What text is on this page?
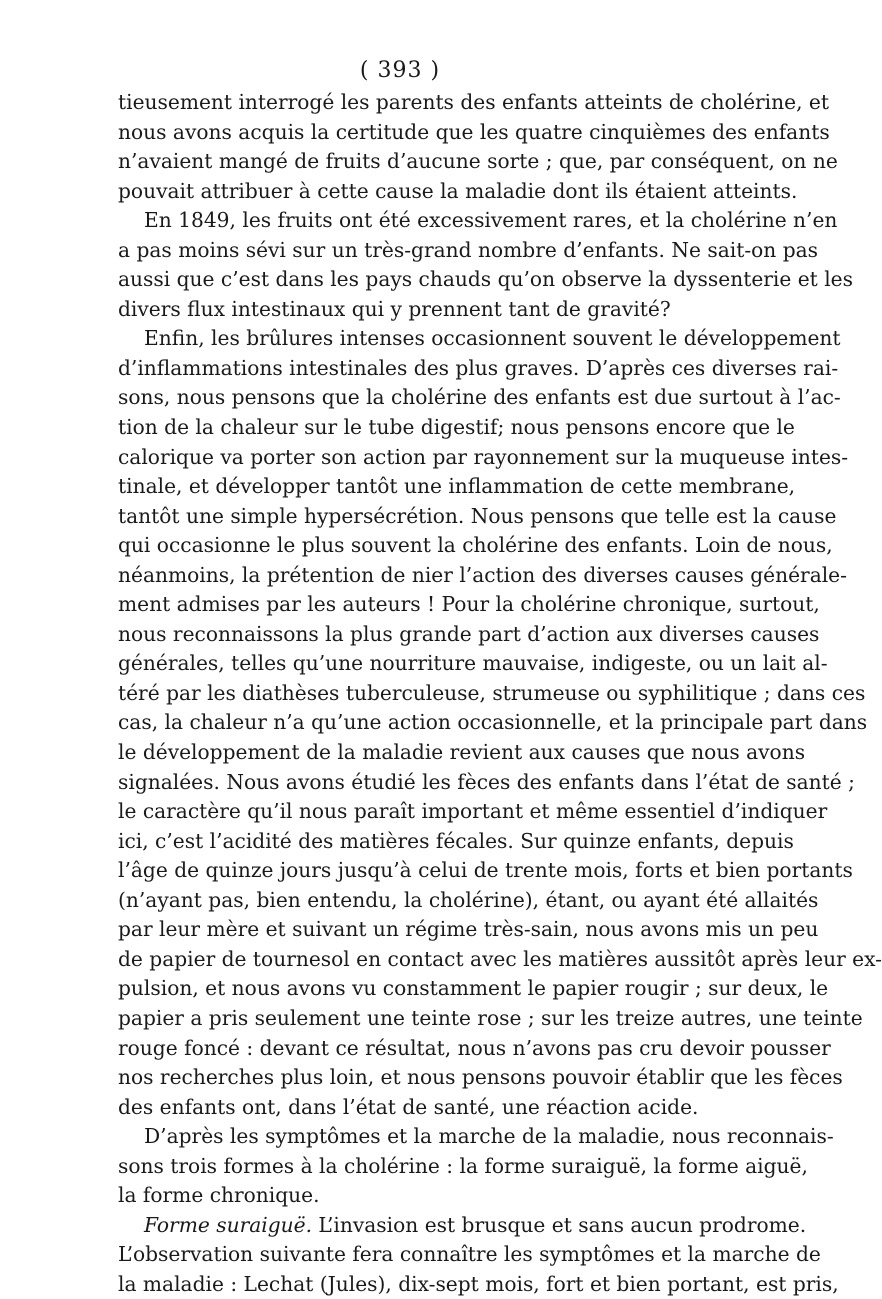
( 393 )
tieusement interrogé les parents des enfants atteints de cholérine, et
nous avons acquis la certitude que les quatre cinquièmes des enfants
n’avaient mangé de fruits d’aucune sorte ; que, par conséquent, on ne
pouvait attribuer à cette cause la maladie dont ils étaient atteints.
En 1849, les fruits ont été excessivement rares, et la cholérine n’en
a pas moins sévi sur un très-grand nombre d’enfants. Ne sait-on pas
aussi que c’est dans les pays chauds qu’on observe la dyssenterie et les
divers flux intestinaux qui y prennent tant de gravité?
Enfin, les brûlures intenses occasionnent souvent le développement
d’inflammations intestinales des plus graves. D’après ces diverses rai-
sons, nous pensons que la cholérine des enfants est due surtout à l’ac-
tion de la chaleur sur le tube digestif; nous pensons encore que le
calorique va porter son action par rayonnement sur la muqueuse intes-
tinale, et développer tantôt une inflammation de cette membrane,
tantôt une simple hypersécrétion. Nous pensons que telle est la cause
qui occasionne le plus souvent la cholérine des enfants. Loin de nous,
néanmoins, la prétention de nier l’action des diverses causes générale-
ment admises par les auteurs ! Pour la cholérine chronique, surtout,
nous reconnaissons la plus grande part d’action aux diverses causes
générales, telles qu’une nourriture mauvaise, indigeste, ou un lait al-
téré par les diathèses tuberculeuse, strumeuse ou syphilitique ; dans ces
cas, la chaleur n’a qu’une action occasionnelle, et la principale part dans
le développement de la maladie revient aux causes que nous avons
signalées. Nous avons étudié les fèces des enfants dans l’état de santé ;
le caractère qu’il nous paraît important et même essentiel d’indiquer
ici, c’est l’acidité des matières fécales. Sur quinze enfants, depuis
l’âge de quinze jours jusqu’à celui de trente mois, forts et bien portants
(n’ayant pas, bien entendu, la cholérine), étant, ou ayant été allaités
par leur mère et suivant un régime très-sain, nous avons mis un peu
de papier de tournesol en contact avec les matières aussitôt après leur ex-
pulsion, et nous avons vu constamment le papier rougir ; sur deux, le
papier a pris seulement une teinte rose ; sur les treize autres, une teinte
rouge foncé : devant ce résultat, nous n’avons pas cru devoir pousser
nos recherches plus loin, et nous pensons pouvoir établir que les fèces
des enfants ont, dans l’état de santé, une réaction acide.
D’après les symptômes et la marche de la maladie, nous reconnais-
sons trois formes à la cholérine : la forme suraiguë, la forme aiguë,
la forme chronique.
Forme suraiguë. L’invasion est brusque et sans aucun prodrome.
L’observation suivante fera connaître les symptômes et la marche de
la maladie : Lechat (Jules), dix-sept mois, fort et bien portant, est pris,
